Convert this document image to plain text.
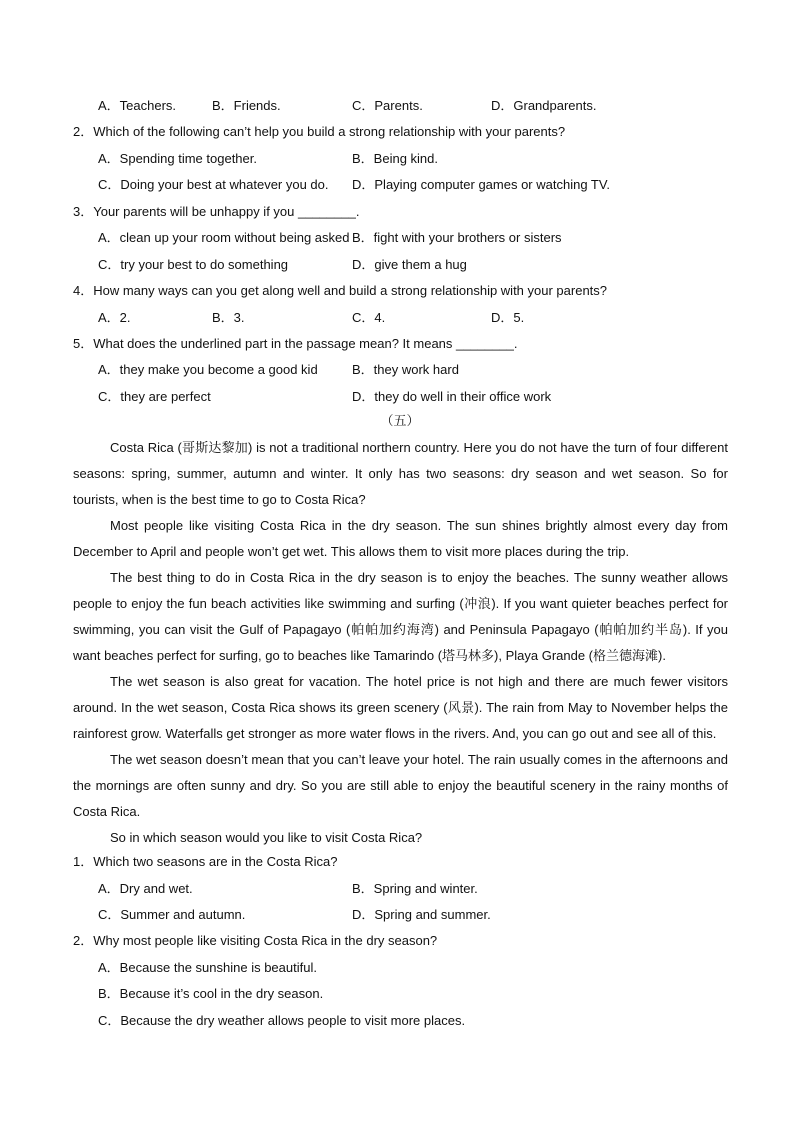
A．Teachers.	B．Friends.	C．Parents.	D．Grandparents.
2．Which of the following can’t help you build a strong relationship with your parents?
A．Spending time together.	B．Being kind.
C．Doing your best at whatever you do. D．Playing computer games or watching TV.
3．Your parents will be unhappy if you ________.
A．clean up your room without being asked B．fight with your brothers or sisters
C．try your best to do something	D．give them a hug
4．How many ways can you get along well and build a strong relationship with your parents?
A．2.	B．3.	C．4.	D．5.
5．What does the underlined part in the passage mean? It means ________.
A．they make you become a good kid	B．they work hard
C．they are perfect	D．they do well in their office work
（五）
Costa Rica (哥斯达黎加) is not a traditional northern country. Here you do not have the turn of four different seasons: spring, summer, autumn and winter. It only has two seasons: dry season and wet season. So for tourists, when is the best time to go to Costa Rica?
Most people like visiting Costa Rica in the dry season. The sun shines brightly almost every day from December to April and people won’t get wet. This allows them to visit more places during the trip.
The best thing to do in Costa Rica in the dry season is to enjoy the beaches. The sunny weather allows people to enjoy the fun beach activities like swimming and surfing (冲浪). If you want quieter beaches perfect for swimming, you can visit the Gulf of Papagayo (帕帕加约海湾) and Peninsula Papagayo (帕帕加约半岛). If you want beaches perfect for surfing, go to beaches like Tamarindo (塔马林多), Playa Grande (格兰德海滩).
The wet season is also great for vacation. The hotel price is not high and there are much fewer visitors around. In the wet season, Costa Rica shows its green scenery (风景). The rain from May to November helps the rainforest grow. Waterfalls get stronger as more water flows in the rivers. And, you can go out and see all of this.
The wet season doesn’t mean that you can’t leave your hotel. The rain usually comes in the afternoons and the mornings are often sunny and dry. So you are still able to enjoy the beautiful scenery in the rainy months of Costa Rica.
So in which season would you like to visit Costa Rica?
1．Which two seasons are in the Costa Rica?
A．Dry and wet.	B．Spring and winter.
C．Summer and autumn.	D．Spring and summer.
2．Why most people like visiting Costa Rica in the dry season?
A．Because the sunshine is beautiful.
B．Because it’s cool in the dry season.
C．Because the dry weather allows people to visit more places.
